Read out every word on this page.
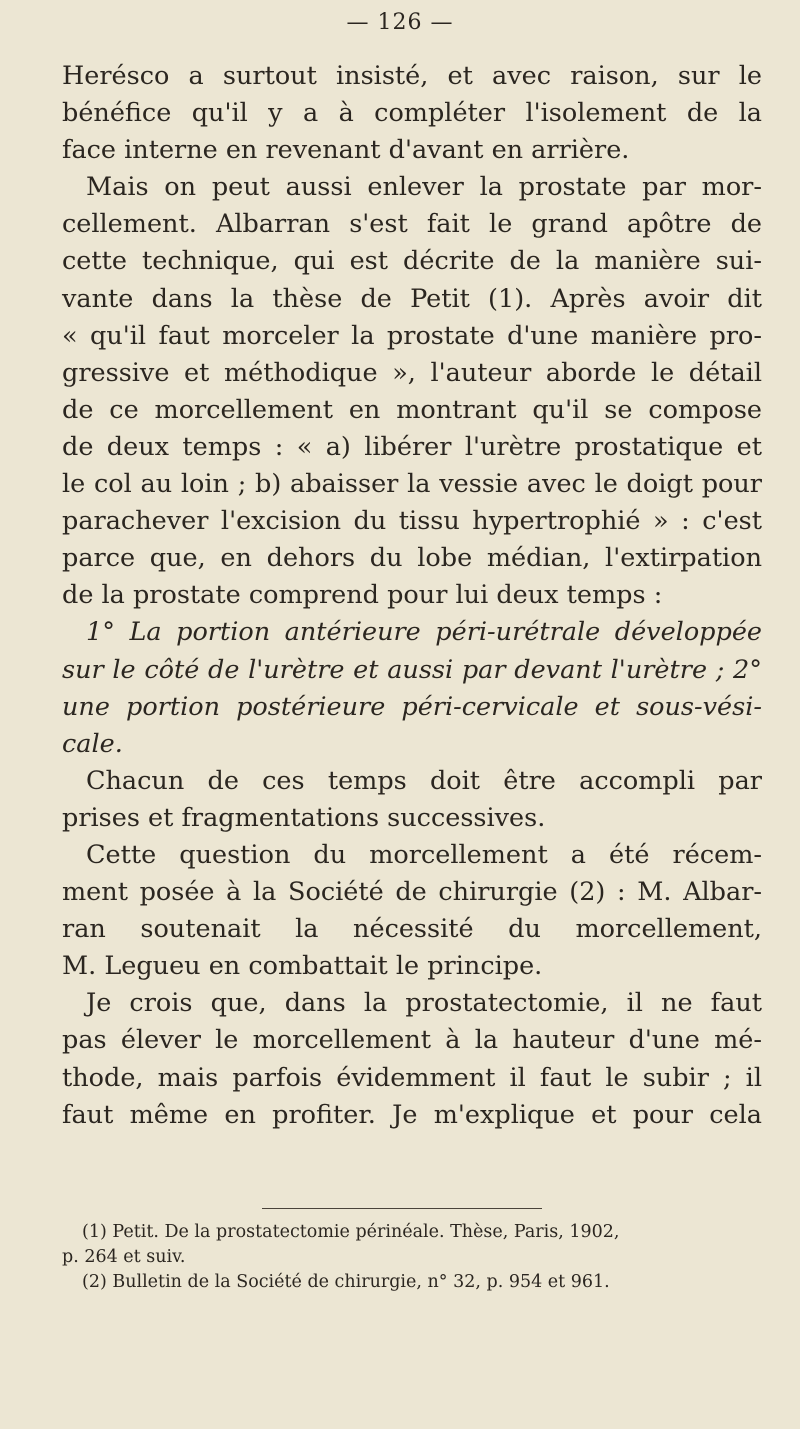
— 126 —
Herésco a surtout insisté, et avec raison, sur le
bénéfice qu'il y a à compléter l'isolement de la
face interne en revenant d'avant en arrière.
Mais on peut aussi enlever la prostate par mor-
cellement. Albarran s'est fait le grand apôtre de
cette technique, qui est décrite de la manière sui-
vante dans la thèse de Petit (1). Après avoir dit
« qu'il faut morceler la prostate d'une manière pro-
gressive et méthodique », l'auteur aborde le détail
de ce morcellement en montrant qu'il se compose
de deux temps : « a) libérer l'urètre prostatique et
le col au loin ; b) abaisser la vessie avec le doigt pour
parachever l'excision du tissu hypertrophié » : c'est
parce que, en dehors du lobe médian, l'extirpation
de la prostate comprend pour lui deux temps :
1° La portion antérieure péri-urétrale développée
sur le côté de l'urètre et aussi par devant l'urètre ; 2°
une portion postérieure péri-cervicale et sous-vési-
cale.
Chacun de ces temps doit être accompli par
prises et fragmentations successives.
Cette question du morcellement a été récem-
ment posée à la Société de chirurgie (2) : M. Albar-
ran soutenait la nécessité du morcellement,
M. Legueu en combattait le principe.
Je crois que, dans la prostatectomie, il ne faut
pas élever le morcellement à la hauteur d'une mé-
thode, mais parfois évidemment il faut le subir ; il
faut même en profiter. Je m'explique et pour cela
(1) Petit. De la prostatectomie périnéale. Thèse, Paris, 1902,
p. 264 et suiv.
(2) Bulletin de la Société de chirurgie, n° 32, p. 954 et 961.
